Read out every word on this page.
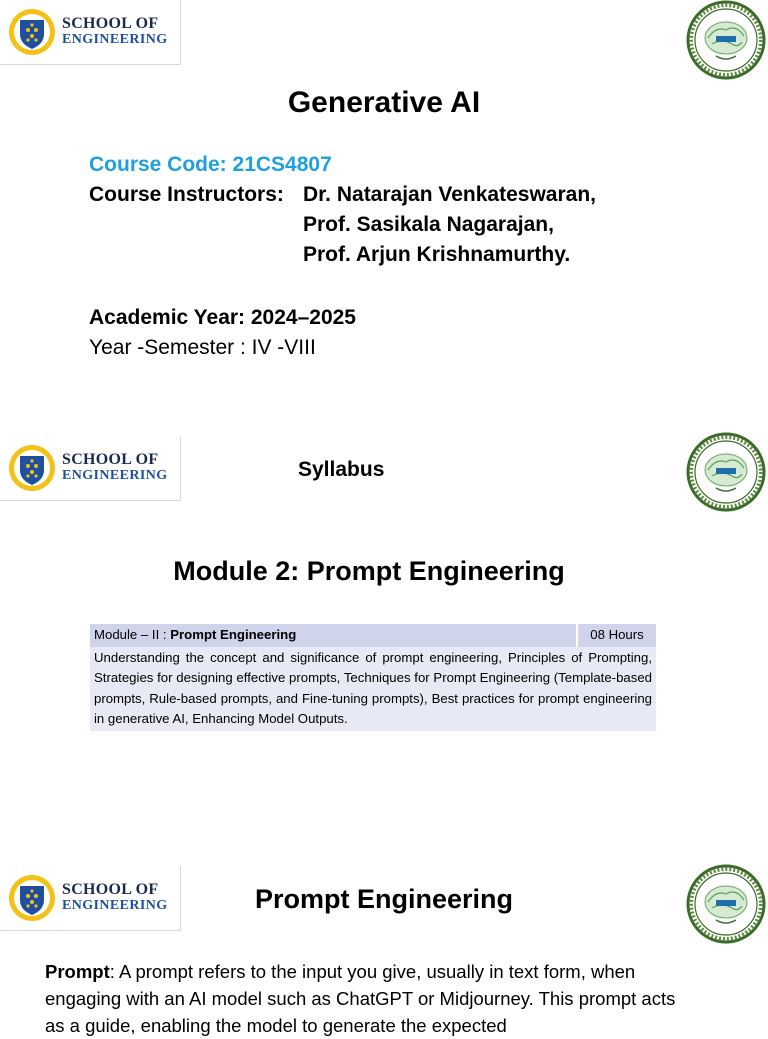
SCHOOL OF
ENGINEERING
Generative AI
Course Code: 21CS4807
Course Instructors: Dr. Natarajan Venkateswaran,
Prof. Sasikala Nagarajan,
Prof. Arjun Krishnamurthy.
Academic Year: 2024–2025
Year -Semester : IV -VIII
SCHOOL OF
ENGINEERING	Syllabus
Module 2: Prompt Engineering
Module – II : Prompt Engineering	08 Hours
Understanding the concept and significance of prompt engineering, Principles of Prompting, Strategies for designing effective prompts, Techniques for Prompt Engineering (Template-based prompts, Rule-based prompts, and Fine-tuning prompts), Best practices for prompt engineering in generative AI, Enhancing Model Outputs.
SCHOOL OF
ENGINEERING	Prompt Engineering
Prompt: A prompt refers to the input you give, usually in text form, when engaging with an AI model such as ChatGPT or Midjourney. This prompt acts as a guide, enabling the model to generate the expected
